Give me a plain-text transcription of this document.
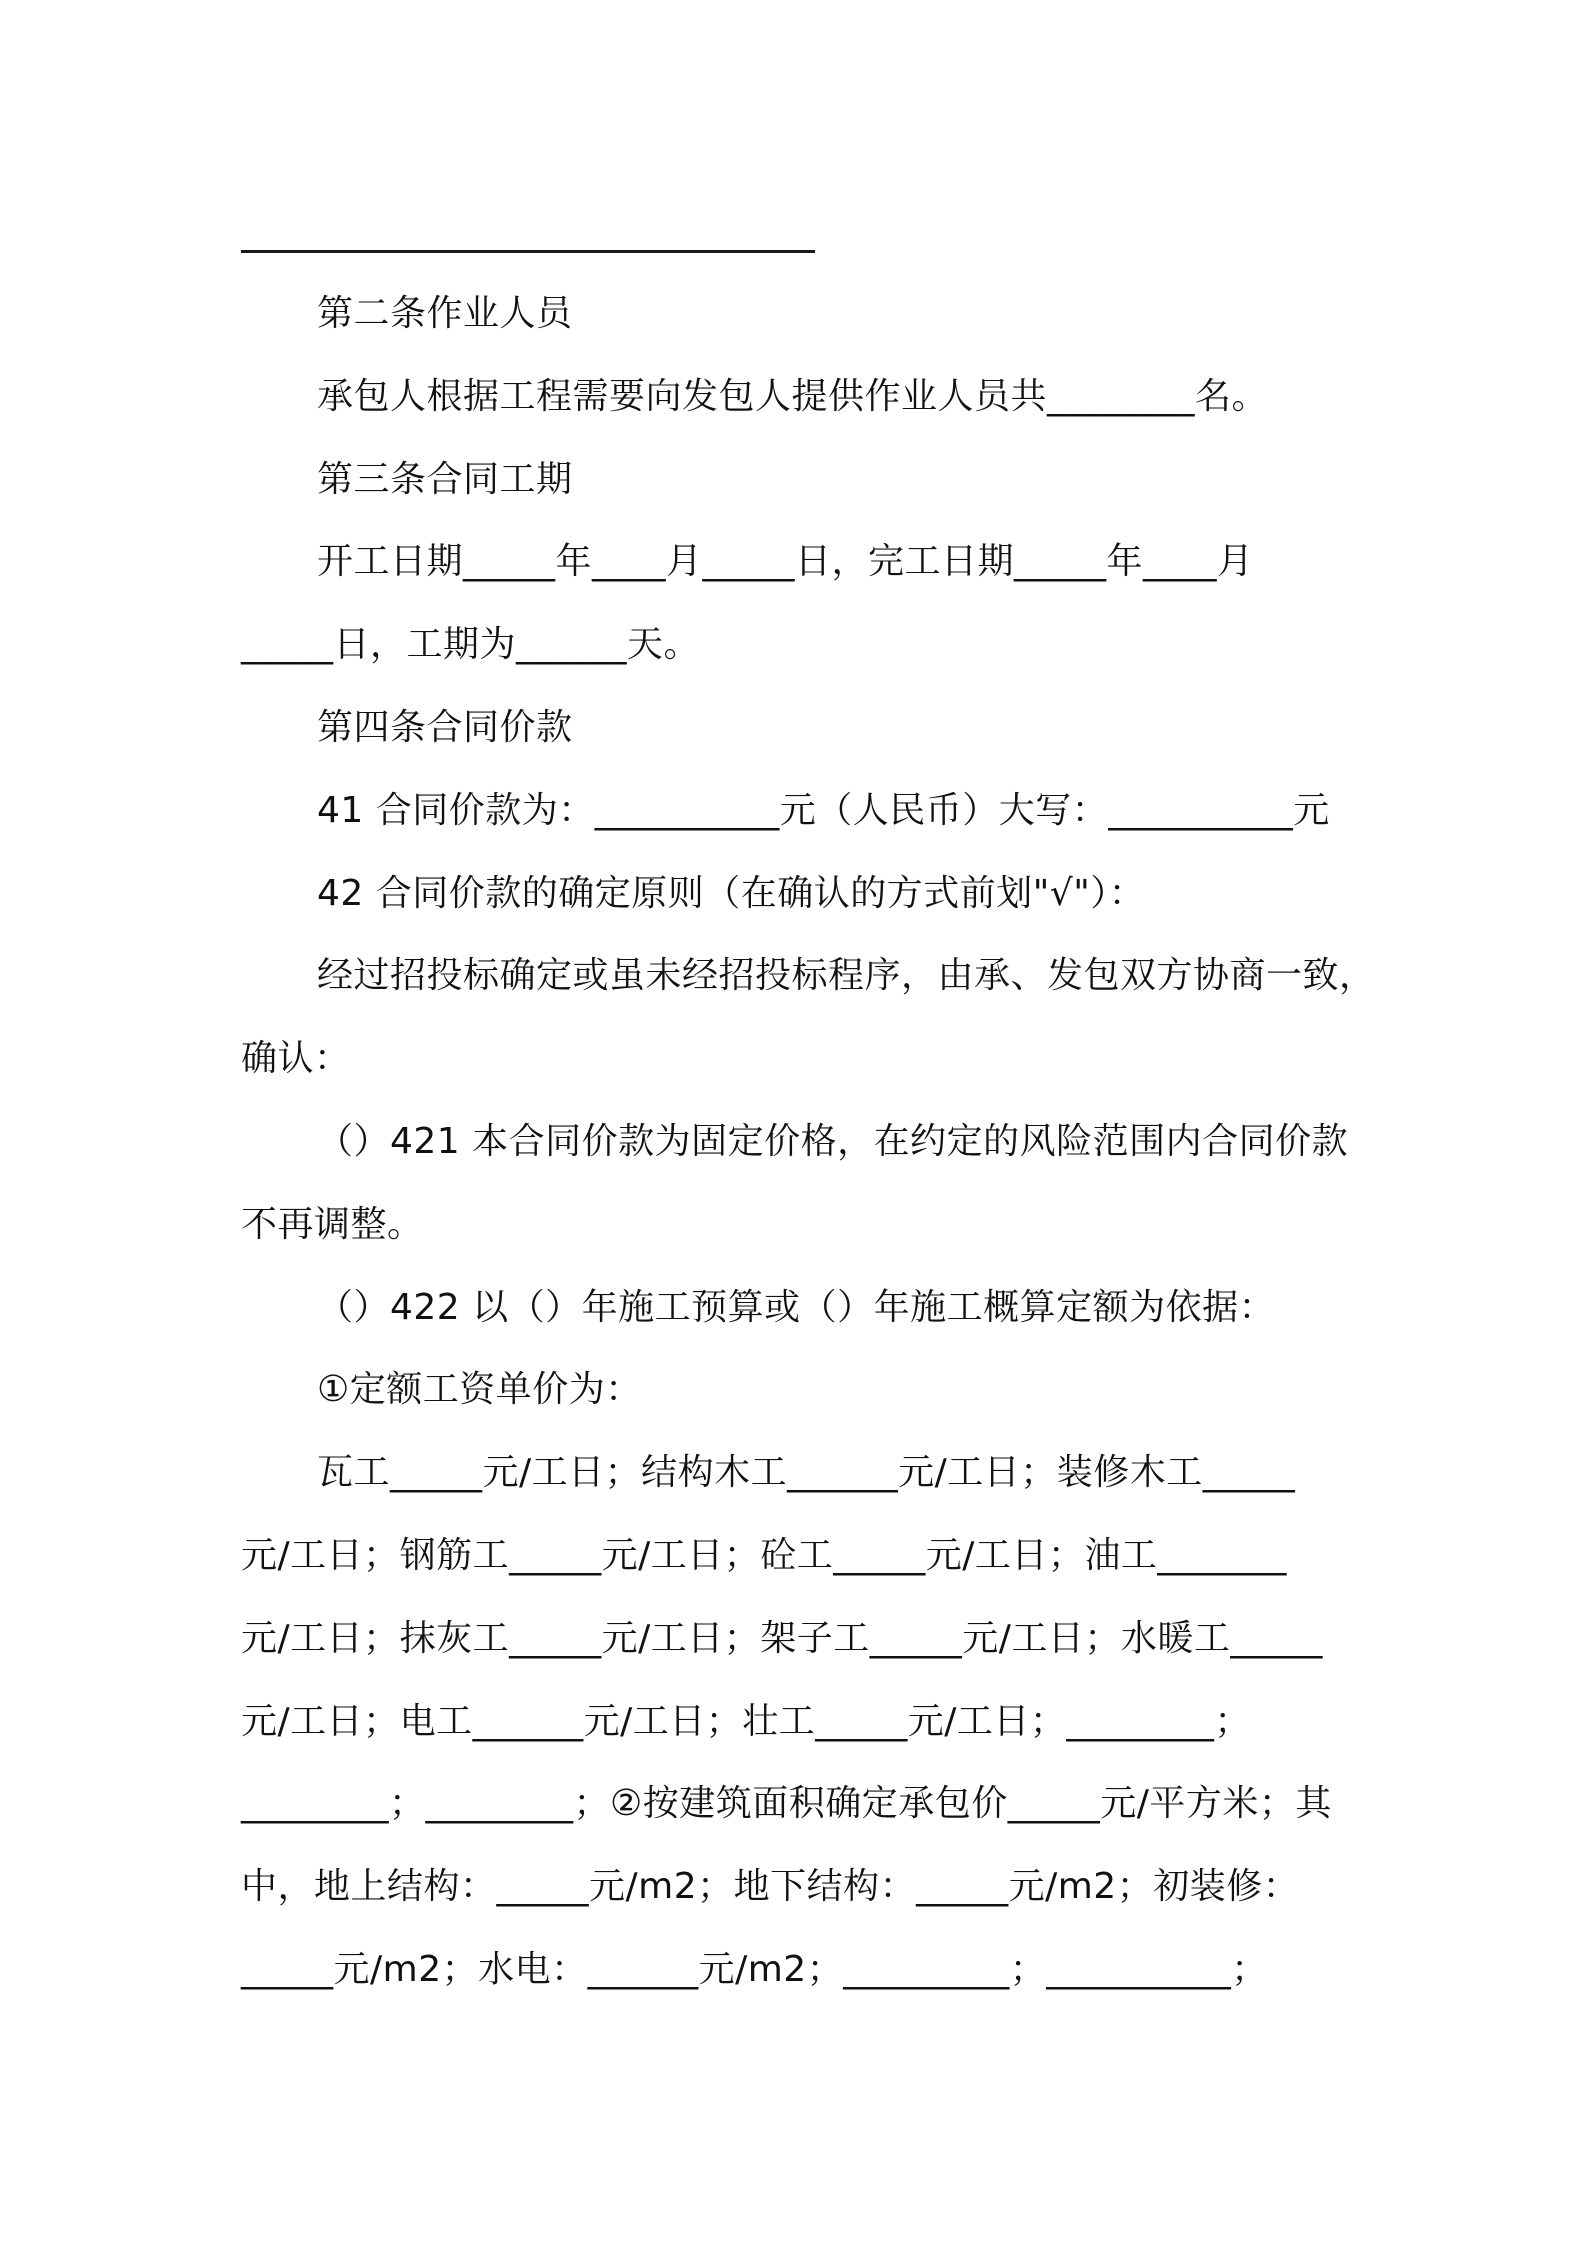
第二条作业人员
承包人根据工程需要向发包人提供作业人员共________名。
第三条合同工期
开工日期_____年____月_____日，完工日期_____年____月
_____日，工期为______天。
第四条合同价款
41 合同价款为：__________元（人民币）大写：__________元
42 合同价款的确定原则（在确认的方式前划"√"）：
经过招投标确定或虽未经招投标程序，由承、发包双方协商一致，
确认：
（）421 本合同价款为固定价格，在约定的风险范围内合同价款
不再调整。
（）422 以（）年施工预算或（）年施工概算定额为依据：
①定额工资单价为：
瓦工_____元/工日；结构木工______元/工日；装修木工_____
元/工日；钢筋工_____元/工日；砼工_____元/工日；油工_______
元/工日；抹灰工_____元/工日；架子工_____元/工日；水暖工_____
元/工日；电工______元/工日；壮工_____元/工日；________；
________；________；②按建筑面积确定承包价_____元/平方米；其
中，地上结构：_____元/m2；地下结构：_____元/m2；初装修：
_____元/m2；水电：______元/m2；_________；__________；
